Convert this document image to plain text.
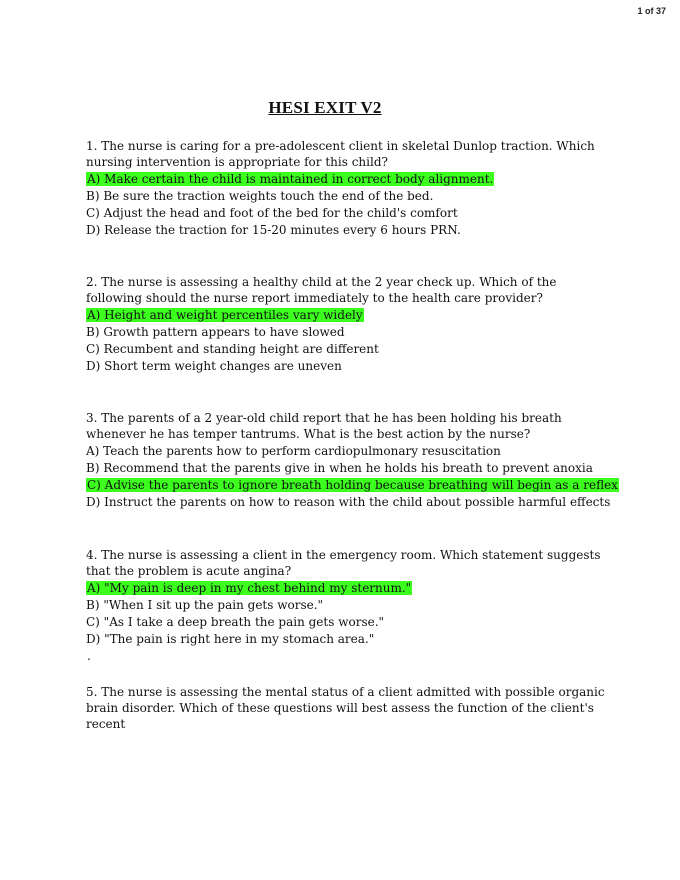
1 of 37
HESI EXIT V2
1. The nurse is caring for a pre-adolescent client in skeletal Dunlop traction. Which nursing intervention is appropriate for this child?
A) Make certain the child is maintained in correct body alignment.
B) Be sure the traction weights touch the end of the bed.
C) Adjust the head and foot of the bed for the child's comfort
D) Release the traction for 15-20 minutes every 6 hours PRN.
2. The nurse is assessing a healthy child at the 2 year check up. Which of the following should the nurse report immediately to the health care provider?
A) Height and weight percentiles vary widely
B) Growth pattern appears to have slowed
C) Recumbent and standing height are different
D) Short term weight changes are uneven
3. The parents of a 2 year-old child report that he has been holding his breath whenever he has temper tantrums. What is the best action by the nurse?
A) Teach the parents how to perform cardiopulmonary resuscitation
B) Recommend that the parents give in when he holds his breath to prevent anoxia
C) Advise the parents to ignore breath holding because breathing will begin as a reflex
D) Instruct the parents on how to reason with the child about possible harmful effects
4. The nurse is assessing a client in the emergency room. Which statement suggests that the problem is acute angina?
A) "My pain is deep in my chest behind my sternum."
B) "When I sit up the pain gets worse."
C) "As I take a deep breath the pain gets worse."
D) "The pain is right here in my stomach area."
.
5. The nurse is assessing the mental status of a client admitted with possible organic brain disorder. Which of these questions will best assess the function of the client's recent
